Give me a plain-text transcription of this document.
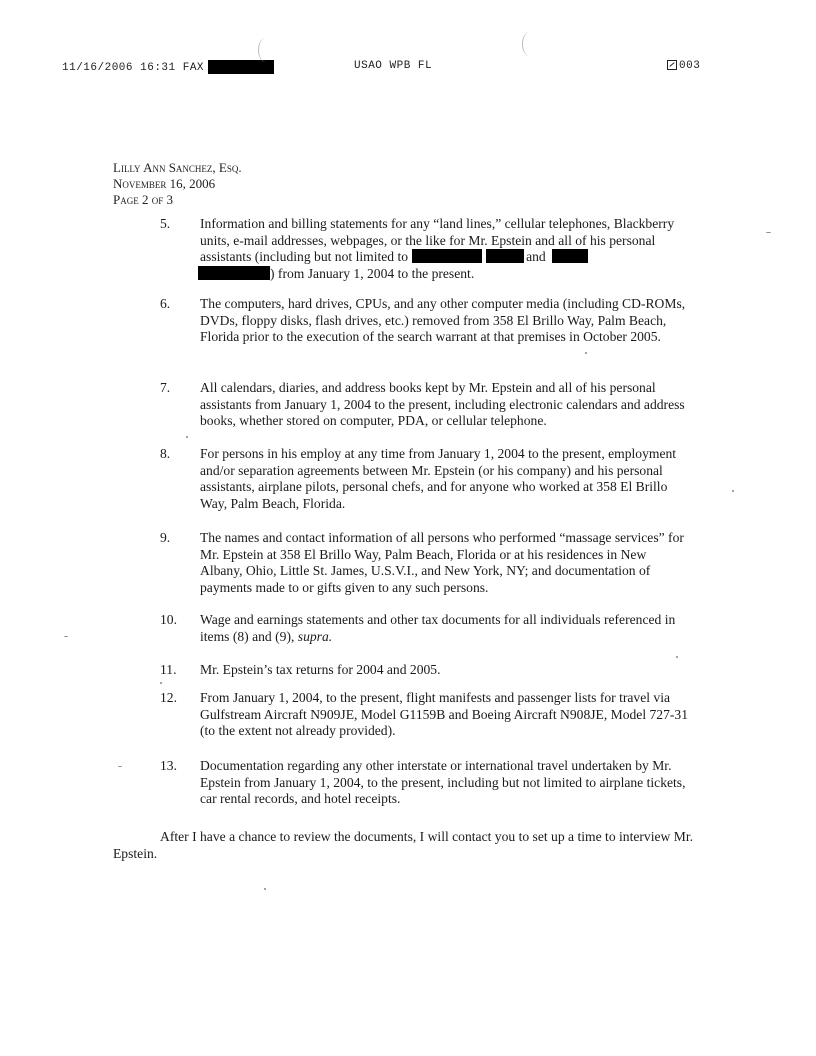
11/16/2006 16:31 FAX	USAO WPB FL	003
Lilly Ann Sanchez, Esq.
November 16, 2006
Page 2 of 3
5.	Information and billing statements for any “land lines,” cellular telephones, Blackberry units, e-mail addresses, webpages, or the like for Mr. Epstein and all of his personal assistants (including but not limited to	and
) from January 1, 2004 to the present.
6.	The computers, hard drives, CPUs, and any other computer media (including CD-ROMs, DVDs, floppy disks, flash drives, etc.) removed from 358 El Brillo Way, Palm Beach, Florida prior to the execution of the search warrant at that premises in October 2005.
7.	All calendars, diaries, and address books kept by Mr. Epstein and all of his personal assistants from January 1, 2004 to the present, including electronic calendars and address books, whether stored on computer, PDA, or cellular telephone.
8.	For persons in his employ at any time from January 1, 2004 to the present, employment and/or separation agreements between Mr. Epstein (or his company) and his personal assistants, airplane pilots, personal chefs, and for anyone who worked at 358 El Brillo Way, Palm Beach, Florida.
9.	The names and contact information of all persons who performed “massage services” for Mr. Epstein at 358 El Brillo Way, Palm Beach, Florida or at his residences in New Albany, Ohio, Little St. James, U.S.V.I., and New York, NY; and documentation of payments made to or gifts given to any such persons.
10.	Wage and earnings statements and other tax documents for all individuals referenced in items (8) and (9), supra.
11.	Mr. Epstein’s tax returns for 2004 and 2005.
12.	From January 1, 2004, to the present, flight manifests and passenger lists for travel via Gulfstream Aircraft N909JE, Model G1159B and Boeing Aircraft N908JE, Model 727-31 (to the extent not already provided).
13.	Documentation regarding any other interstate or international travel undertaken by Mr. Epstein from January 1, 2004, to the present, including but not limited to airplane tickets, car rental records, and hotel receipts.
After I have a chance to review the documents, I will contact you to set up a time to interview Mr. Epstein.
